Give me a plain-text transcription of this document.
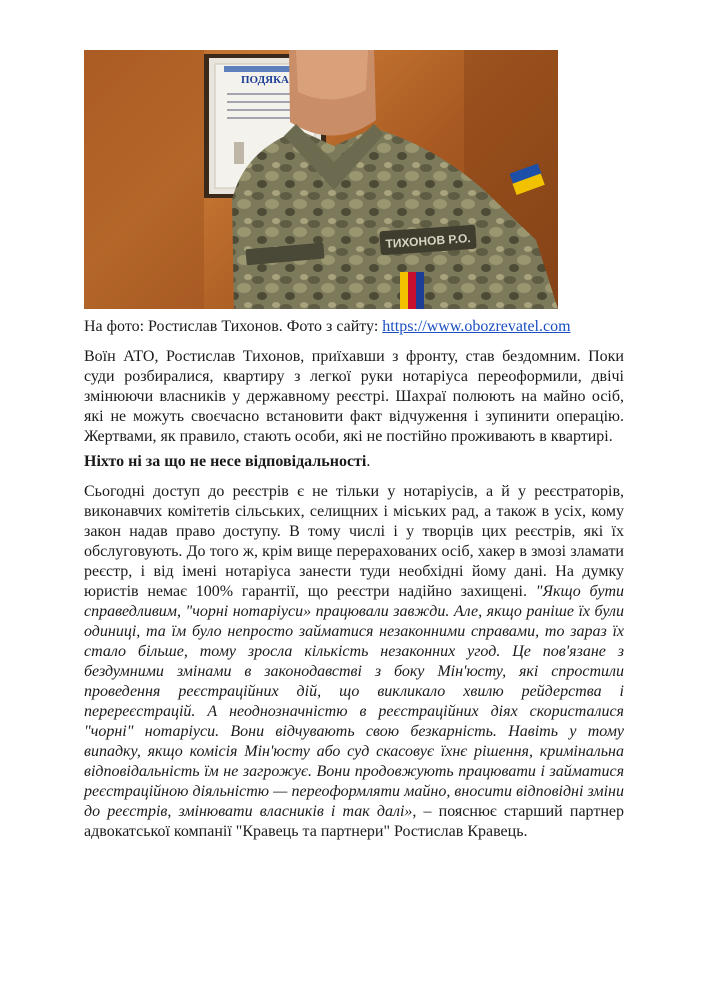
ПОДЯКА
ТИХОНОВ Р.О.
На фото: Ростислав Тихонов. Фото з сайту: https://www.obozrevatel.com

Воїн АТО, Ростислав Тихонов, приїхавши з фронту, став бездомним. Поки суди розбиралися, квартиру з легкої руки нотаріуса переоформили, двічі змінюючи власників у державному реєстрі. Шахраї полюють на майно осіб, які не можуть своєчасно встановити факт відчуження і зупинити операцію. Жертвами, як правило, стають особи, які не постійно проживають в квартирі.

Ніхто ні за що не несе відповідальності.

Сьогодні доступ до реєстрів є не тільки у нотаріусів, а й у реєстраторів, виконавчих комітетів сільських, селищних і міських рад, а також в усіх, кому закон надав право доступу. В тому числі і у творців цих реєстрів, які їх обслуговують. До того ж, крім вище перерахованих осіб, хакер в змозі зламати реєстр, і від імені нотаріуса занести туди необхідні йому дані. На думку юристів немає 100% гарантії, що реєстри надійно захищені. "Якщо бути справедливим, "чорні нотаріуси» працювали завжди. Але, якщо раніше їх були одиниці, та їм було непросто займатися незаконними справами, то зараз їх стало більше, тому зросла кількість незаконних угод. Це пов'язане з бездумними змінами в законодавстві з боку Мін'юсту, які спростили проведення реєстраційних дій, що викликало хвилю рейдерства і перереєстрацій. А неоднозначністю в реєстраційних діях скористалися "чорні" нотаріуси. Вони відчувають свою безкарність. Навіть у тому випадку, якщо комісія Мін'юсту або суд скасовує їхнє рішення, кримінальна відповідальність їм не загрожує. Вони продовжують працювати і займатися реєстраційною діяльністю — переоформляти майно, вносити відповідні зміни до реєстрів, змінювати власників і так далі», – пояснює старший партнер адвокатської компанії "Кравець та партнери" Ростислав Кравець.
